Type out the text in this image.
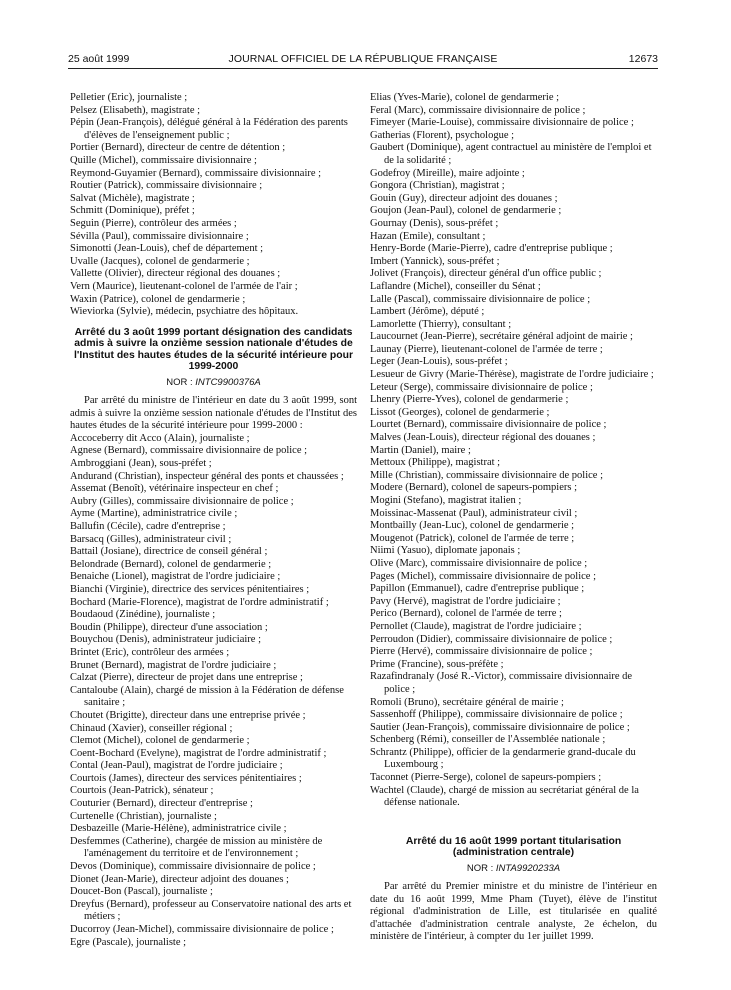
25 août 1999	JOURNAL OFFICIEL DE LA RÉPUBLIQUE FRANÇAISE	12673

Pelletier (Eric), journaliste ;

Pelsez (Elisabeth), magistrate ;

Pépin (Jean-François), délégué général à la Fédération des parents d'élèves de l'enseignement public ;

Portier (Bernard), directeur de centre de détention ;

Quille (Michel), commissaire divisionnaire ;

Reymond-Guyamier (Bernard), commissaire divisionnaire ;

Routier (Patrick), commissaire divisionnaire ;

Salvat (Michèle), magistrate ;

Schmitt (Dominique), préfet ;

Seguin (Pierre), contrôleur des armées ;

Sévilla (Paul), commissaire divisionnaire ;

Simonotti (Jean-Louis), chef de département ;

Uvalle (Jacques), colonel de gendarmerie ;

Vallette (Olivier), directeur régional des douanes ;

Vern (Maurice), lieutenant-colonel de l'armée de l'air ;

Waxin (Patrice), colonel de gendarmerie ;

Wieviorka (Sylvie), médecin, psychiatre des hôpitaux.

Arrêté du 3 août 1999 portant désignation des candidats admis à suivre la onzième session nationale d'études de l'Institut des hautes études de la sécurité intérieure pour 1999-2000

NOR : INTC9900376A

Par arrêté du ministre de l'intérieur en date du 3 août 1999, sont admis à suivre la onzième session nationale d'études de l'Institut des hautes études de la sécurité intérieure pour 1999-2000 :

Accoceberry dit Acco (Alain), journaliste ;

Agnese (Bernard), commissaire divisionnaire de police ;

Ambroggiani (Jean), sous-préfet ;

Andurand (Christian), inspecteur général des ponts et chaussées ;

Assemat (Benoît), vétérinaire inspecteur en chef ;

Aubry (Gilles), commissaire divisionnaire de police ;

Ayme (Martine), administratrice civile ;

Ballufin (Cécile), cadre d'entreprise ;

Barsacq (Gilles), administrateur civil ;

Battail (Josiane), directrice de conseil général ;

Belondrade (Bernard), colonel de gendarmerie ;

Benaiche (Lionel), magistrat de l'ordre judiciaire ;

Bianchi (Virginie), directrice des services pénitentiaires ;

Bochard (Marie-Florence), magistrat de l'ordre administratif ;

Boudaoud (Zinédine), journaliste ;

Boudin (Philippe), directeur d'une association ;

Bouychou (Denis), administrateur judiciaire ;

Brintet (Eric), contrôleur des armées ;

Brunet (Bernard), magistrat de l'ordre judiciaire ;

Calzat (Pierre), directeur de projet dans une entreprise ;

Cantaloube (Alain), chargé de mission à la Fédération de défense sanitaire ;

Choutet (Brigitte), directeur dans une entreprise privée ;

Chinaud (Xavier), conseiller régional ;

Clemot (Michel), colonel de gendarmerie ;

Coent-Bochard (Evelyne), magistrat de l'ordre administratif ;

Contal (Jean-Paul), magistrat de l'ordre judiciaire ;

Courtois (James), directeur des services pénitentiaires ;

Courtois (Jean-Patrick), sénateur ;

Couturier (Bernard), directeur d'entreprise ;

Curtenelle (Christian), journaliste ;

Desbazeille (Marie-Hélène), administratrice civile ;

Desfemmes (Catherine), chargée de mission au ministère de l'aménagement du territoire et de l'environnement ;

Devos (Dominique), commissaire divisionnaire de police ;

Dionet (Jean-Marie), directeur adjoint des douanes ;

Doucet-Bon (Pascal), journaliste ;

Dreyfus (Bernard), professeur au Conservatoire national des arts et métiers ;

Ducorroy (Jean-Michel), commissaire divisionnaire de police ;

Egre (Pascale), journaliste ;

Elias (Yves-Marie), colonel de gendarmerie ;

Feral (Marc), commissaire divisionnaire de police ;

Fimeyer (Marie-Louise), commissaire divisionnaire de police ;

Gatherias (Florent), psychologue ;

Gaubert (Dominique), agent contractuel au ministère de l'emploi et de la solidarité ;

Godefroy (Mireille), maire adjointe ;

Gongora (Christian), magistrat ;

Gouin (Guy), directeur adjoint des douanes ;

Goujon (Jean-Paul), colonel de gendarmerie ;

Gournay (Denis), sous-préfet ;

Hazan (Emile), consultant ;

Henry-Borde (Marie-Pierre), cadre d'entreprise publique ;

Imbert (Yannick), sous-préfet ;

Jolivet (François), directeur général d'un office public ;

Laflandre (Michel), conseiller du Sénat ;

Lalle (Pascal), commissaire divisionnaire de police ;

Lambert (Jérôme), député ;

Lamorlette (Thierry), consultant ;

Laucournet (Jean-Pierre), secrétaire général adjoint de mairie ;

Launay (Pierre), lieutenant-colonel de l'armée de terre ;

Leger (Jean-Louis), sous-préfet ;

Lesueur de Givry (Marie-Thérèse), magistrate de l'ordre judiciaire ;

Leteur (Serge), commissaire divisionnaire de police ;

Lhenry (Pierre-Yves), colonel de gendarmerie ;

Lissot (Georges), colonel de gendarmerie ;

Lourtet (Bernard), commissaire divisionnaire de police ;

Malves (Jean-Louis), directeur régional des douanes ;

Martin (Daniel), maire ;

Mettoux (Philippe), magistrat ;

Mille (Christian), commissaire divisionnaire de police ;

Modere (Bernard), colonel de sapeurs-pompiers ;

Mogini (Stefano), magistrat italien ;

Moissinac-Massenat (Paul), administrateur civil ;

Montbailly (Jean-Luc), colonel de gendarmerie ;

Mougenot (Patrick), colonel de l'armée de terre ;

Niimi (Yasuo), diplomate japonais ;

Olive (Marc), commissaire divisionnaire de police ;

Pages (Michel), commissaire divisionnaire de police ;

Papillon (Emmanuel), cadre d'entreprise publique ;

Pavy (Hervé), magistrat de l'ordre judiciaire ;

Perico (Bernard), colonel de l'armée de terre ;

Pernollet (Claude), magistrat de l'ordre judiciaire ;

Perroudon (Didier), commissaire divisionnaire de police ;

Pierre (Hervé), commissaire divisionnaire de police ;

Prime (Francine), sous-préfète ;

Razafindranaly (José R.-Victor), commissaire divisionnaire de police ;

Romoli (Bruno), secrétaire général de mairie ;

Sassenhoff (Philippe), commissaire divisionnaire de police ;

Sautier (Jean-François), commissaire divisionnaire de police ;

Schenberg (Rémi), conseiller de l'Assemblée nationale ;

Schrantz (Philippe), officier de la gendarmerie grand-ducale du Luxembourg ;

Taconnet (Pierre-Serge), colonel de sapeurs-pompiers ;

Wachtel (Claude), chargé de mission au secrétariat général de la défense nationale.

Arrêté du 16 août 1999 portant titularisation (administration centrale)

NOR : INTA9920233A

Par arrêté du Premier ministre et du ministre de l'intérieur en date du 16 août 1999, Mme Pham (Tuyet), élève de l'institut régional d'administration de Lille, est titularisée en qualité d'attachée d'administration centrale analyste, 2e échelon, du ministère de l'intérieur, à compter du 1er juillet 1999.
